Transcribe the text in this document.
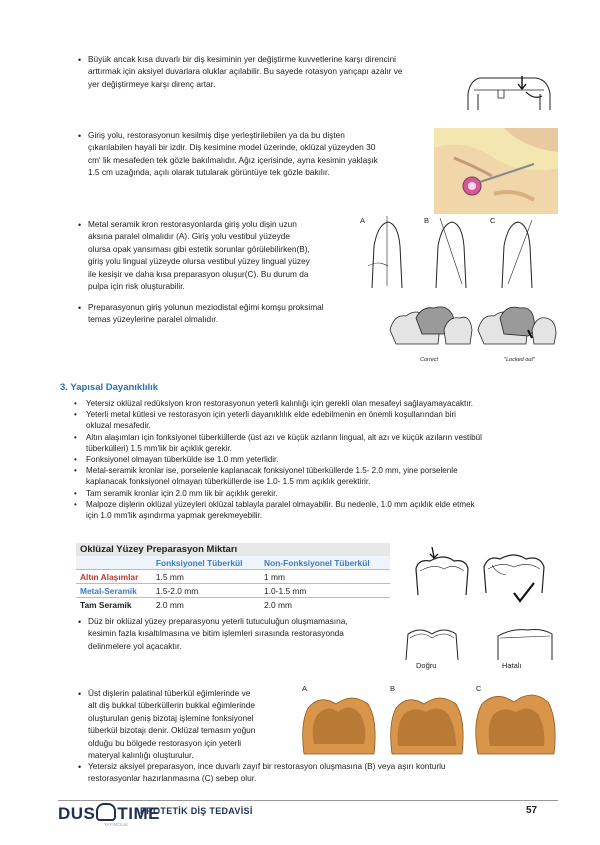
• Büyük ancak kısa duvarlı bir diş kesiminin yer değiştirme kuvvetlerine karşı direncini
arttırmak için aksiyel duvarlara oluklar açılabilir. Bu sayede rotasyon yarıçapı azalır ve
yer değiştirmeye karşı direnç artar.
• Giriş yolu, restorasyonun kesilmiş dişe yerleştirilebilen ya da bu dişten
çıkarılabilen hayali bir izdir. Diş kesimine model üzerinde, oklüzal yüzeyden 30
cm' lik mesafeden tek gözle bakılmalıdır. Ağız içerisinde, ayna kesimin yaklaşık
1.5 cm uzağında, açılı olarak tutularak görüntüye tek gözle bakılır.
• Metal seramik kron restorasyonlarda giriş yolu dişin uzun
aksına paralel olmalıdır (A). Giriş yolu vestibul yüzeyde
olursa opak yansıması gibi estetik sorunlar görülebilirken(B),
giriş yolu lingual yüzeyde olursa vestibul yüzey lingual yüzey
ile kesişir ve daha kısa preparasyon oluşur(C). Bu durum da
pulpa için risk oluşturabilir.
A	B	C
• Preparasyonun giriş yolunun meziodistal eğimi komşu proksimal
temas yüzeylerine paralel olmalıdır.
Correct	"Locked out"
3. Yapısal Dayanıklılık
• Yetersiz oklüzal redüksiyon kron restorasyonun yeterli kalınlığı için gerekli olan mesafeyi sağlayamayacaktır.
• Yeterli metal kütlesi ve restorasyon için yeterli dayanıklılık elde edebilmenin en önemli koşullarından biri
okluzal mesafedir.
• Altın alaşımları için fonksiyonel tüberküllerde (üst azı ve küçük azıların lingual, alt azı ve küçük azıların vestibül
tüberkülleri) 1.5 mm'lik bir açıklık gerekir.
• Fonksiyonel olmayan tüberkülde ise 1.0 mm yeterlidir.
• Metal-seramik kronlar ise, porselenle kaplanacak fonksiyonel tüberküllerde 1.5- 2.0 mm, yine porselenle
kaplanacak fonksiyonel olmayan tüberküllerde ise 1.0- 1.5 mm açıklık gerektirir.
• Tam seramik kronlar için 2.0 mm lik bir açıklık gerekir.
• Malpoze dişlerin oklüzal yüzeyleri oklüzal tablayla paralel olmayabilir. Bu nedenle, 1.0 mm açıklık elde etmek
için 1.0 mm'lik aşındırma yapmak gerekmeyebilir.
Oklüzal Yüzey Preparasyon Miktarı		
	Fonksiyonel Tüberkül	Non-Fonksiyonel Tüberkül
Altın Alaşımlar	1.5 mm	1 mm
Metal-Seramik	1.5-2.0 mm	1.0-1.5 mm
Tam Seramik	2.0 mm	2.0 mm
• Düz bir oklüzal yüzey preparasyonu yeterli tutuculuğun oluşmamasına,
kesimin fazla kısaltılmasına ve bitim işlemleri sırasında restorasyonda
delinmelere yol açacaktır.
Doğru	Hatalı
• Üst dişlerin palatinal tüberkül eğimlerinde ve
alt diş bukkal tüberküllerin bukkal eğimlerinde
oluşturulan geniş bizotaj işlemine fonksiyonel
tüberkül bizotajı denir. Oklüzal temasın yoğun
olduğu bu bölgede restorasyon için yeterli
materyal kalınlığı oluşturulur.
A	B	C
• Yetersiz aksiyel preparasyon, ince duvarlı zayıf bir restorasyon oluşmasına (B) veya aşırı konturlu
restorasyonlar hazırlanmasına (C) sebep olur.
DUS TIME
YAYINCILIK
PROTETİK DİŞ TEDAVİSİ	57
